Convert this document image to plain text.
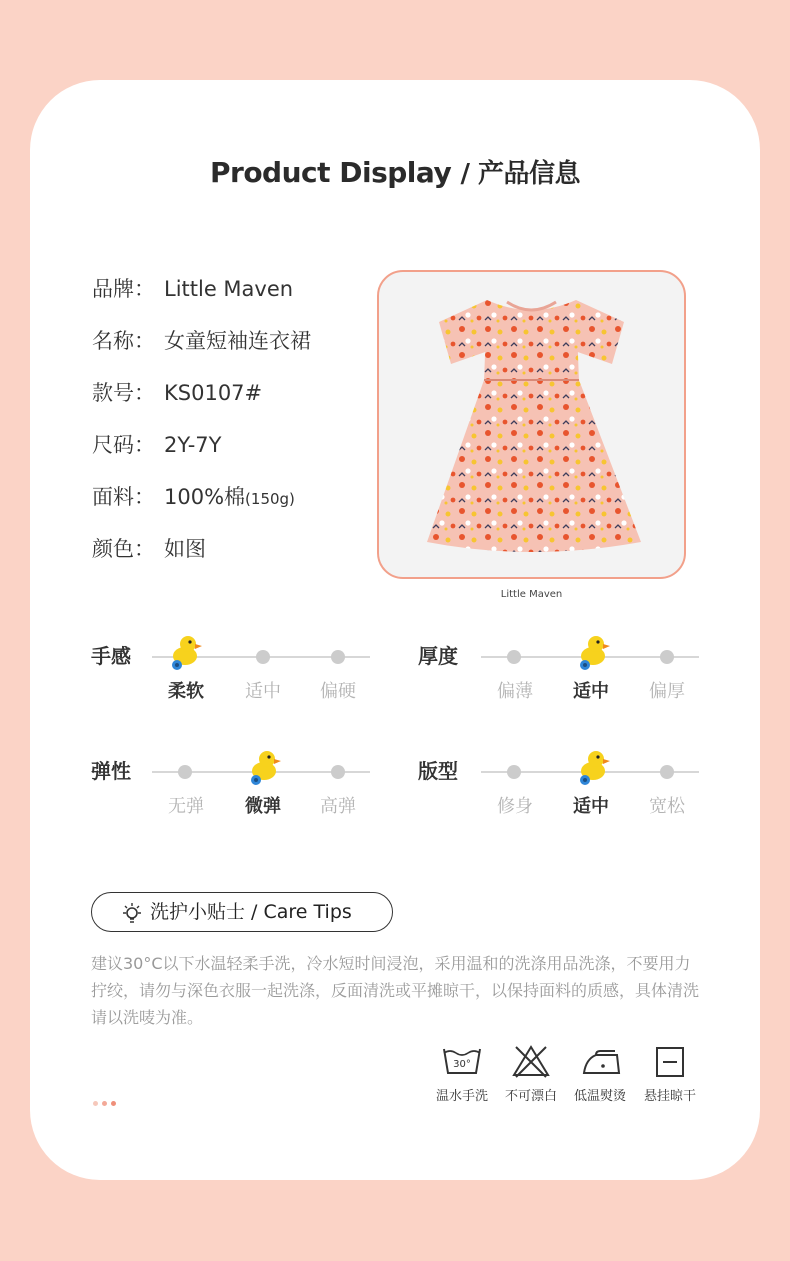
Product Display / 产品信息
品牌： Little Maven
名称： 女童短袖连衣裙
款号： KS0107#
尺码： 2Y-7Y
面料： 100%棉(150g)
颜色： 如图
Little Maven
手感
柔软	适中	偏硬
厚度
偏薄	适中	偏厚
弹性
无弹	微弹	高弹
版型
修身	适中	宽松
洗护小贴士 / Care Tips
建议30°C以下水温轻柔手洗，冷水短时间浸泡，采用温和的洗涤用品洗涤，不要用力拧绞，请勿与深色衣服一起洗涤，反面清洗或平摊晾干，以保持面料的质感，具体清洗请以洗唛为准。
30°
温水手洗	不可漂白	低温熨烫	悬挂晾干
